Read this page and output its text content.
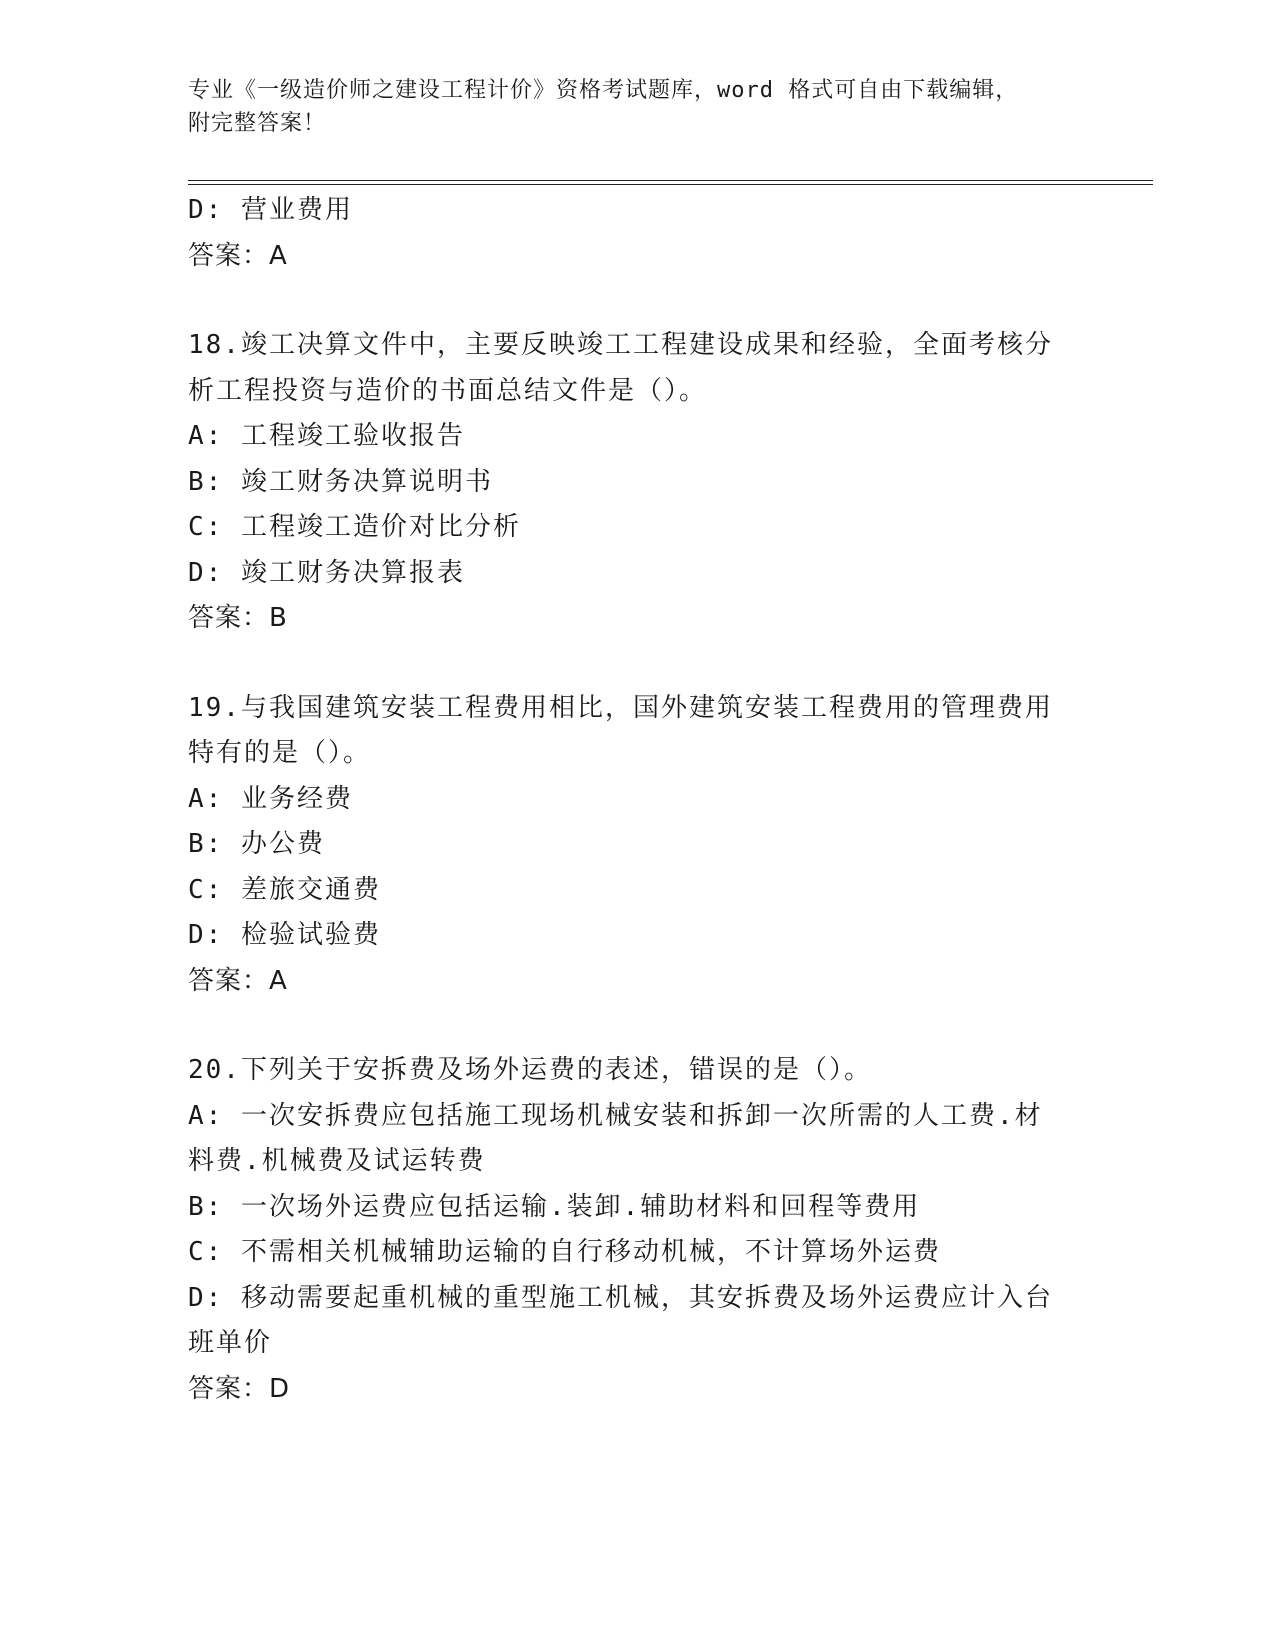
专业《一级造价师之建设工程计价》资格考试题库，word 格式可自由下载编辑，
附完整答案！
D: 营业费用
答案：A
18.竣工决算文件中，主要反映竣工工程建设成果和经验，全面考核分
析工程投资与造价的书面总结文件是（）。
A: 工程竣工验收报告
B: 竣工财务决算说明书
C: 工程竣工造价对比分析
D: 竣工财务决算报表
答案：B
19.与我国建筑安装工程费用相比，国外建筑安装工程费用的管理费用
特有的是（）。
A: 业务经费
B: 办公费
C: 差旅交通费
D: 检验试验费
答案：A
20.下列关于安拆费及场外运费的表述，错误的是（）。
A: 一次安拆费应包括施工现场机械安装和拆卸一次所需的人工费.材
料费.机械费及试运转费
B: 一次场外运费应包括运输.装卸.辅助材料和回程等费用
C: 不需相关机械辅助运输的自行移动机械，不计算场外运费
D: 移动需要起重机械的重型施工机械，其安拆费及场外运费应计入台
班单价
答案：D
